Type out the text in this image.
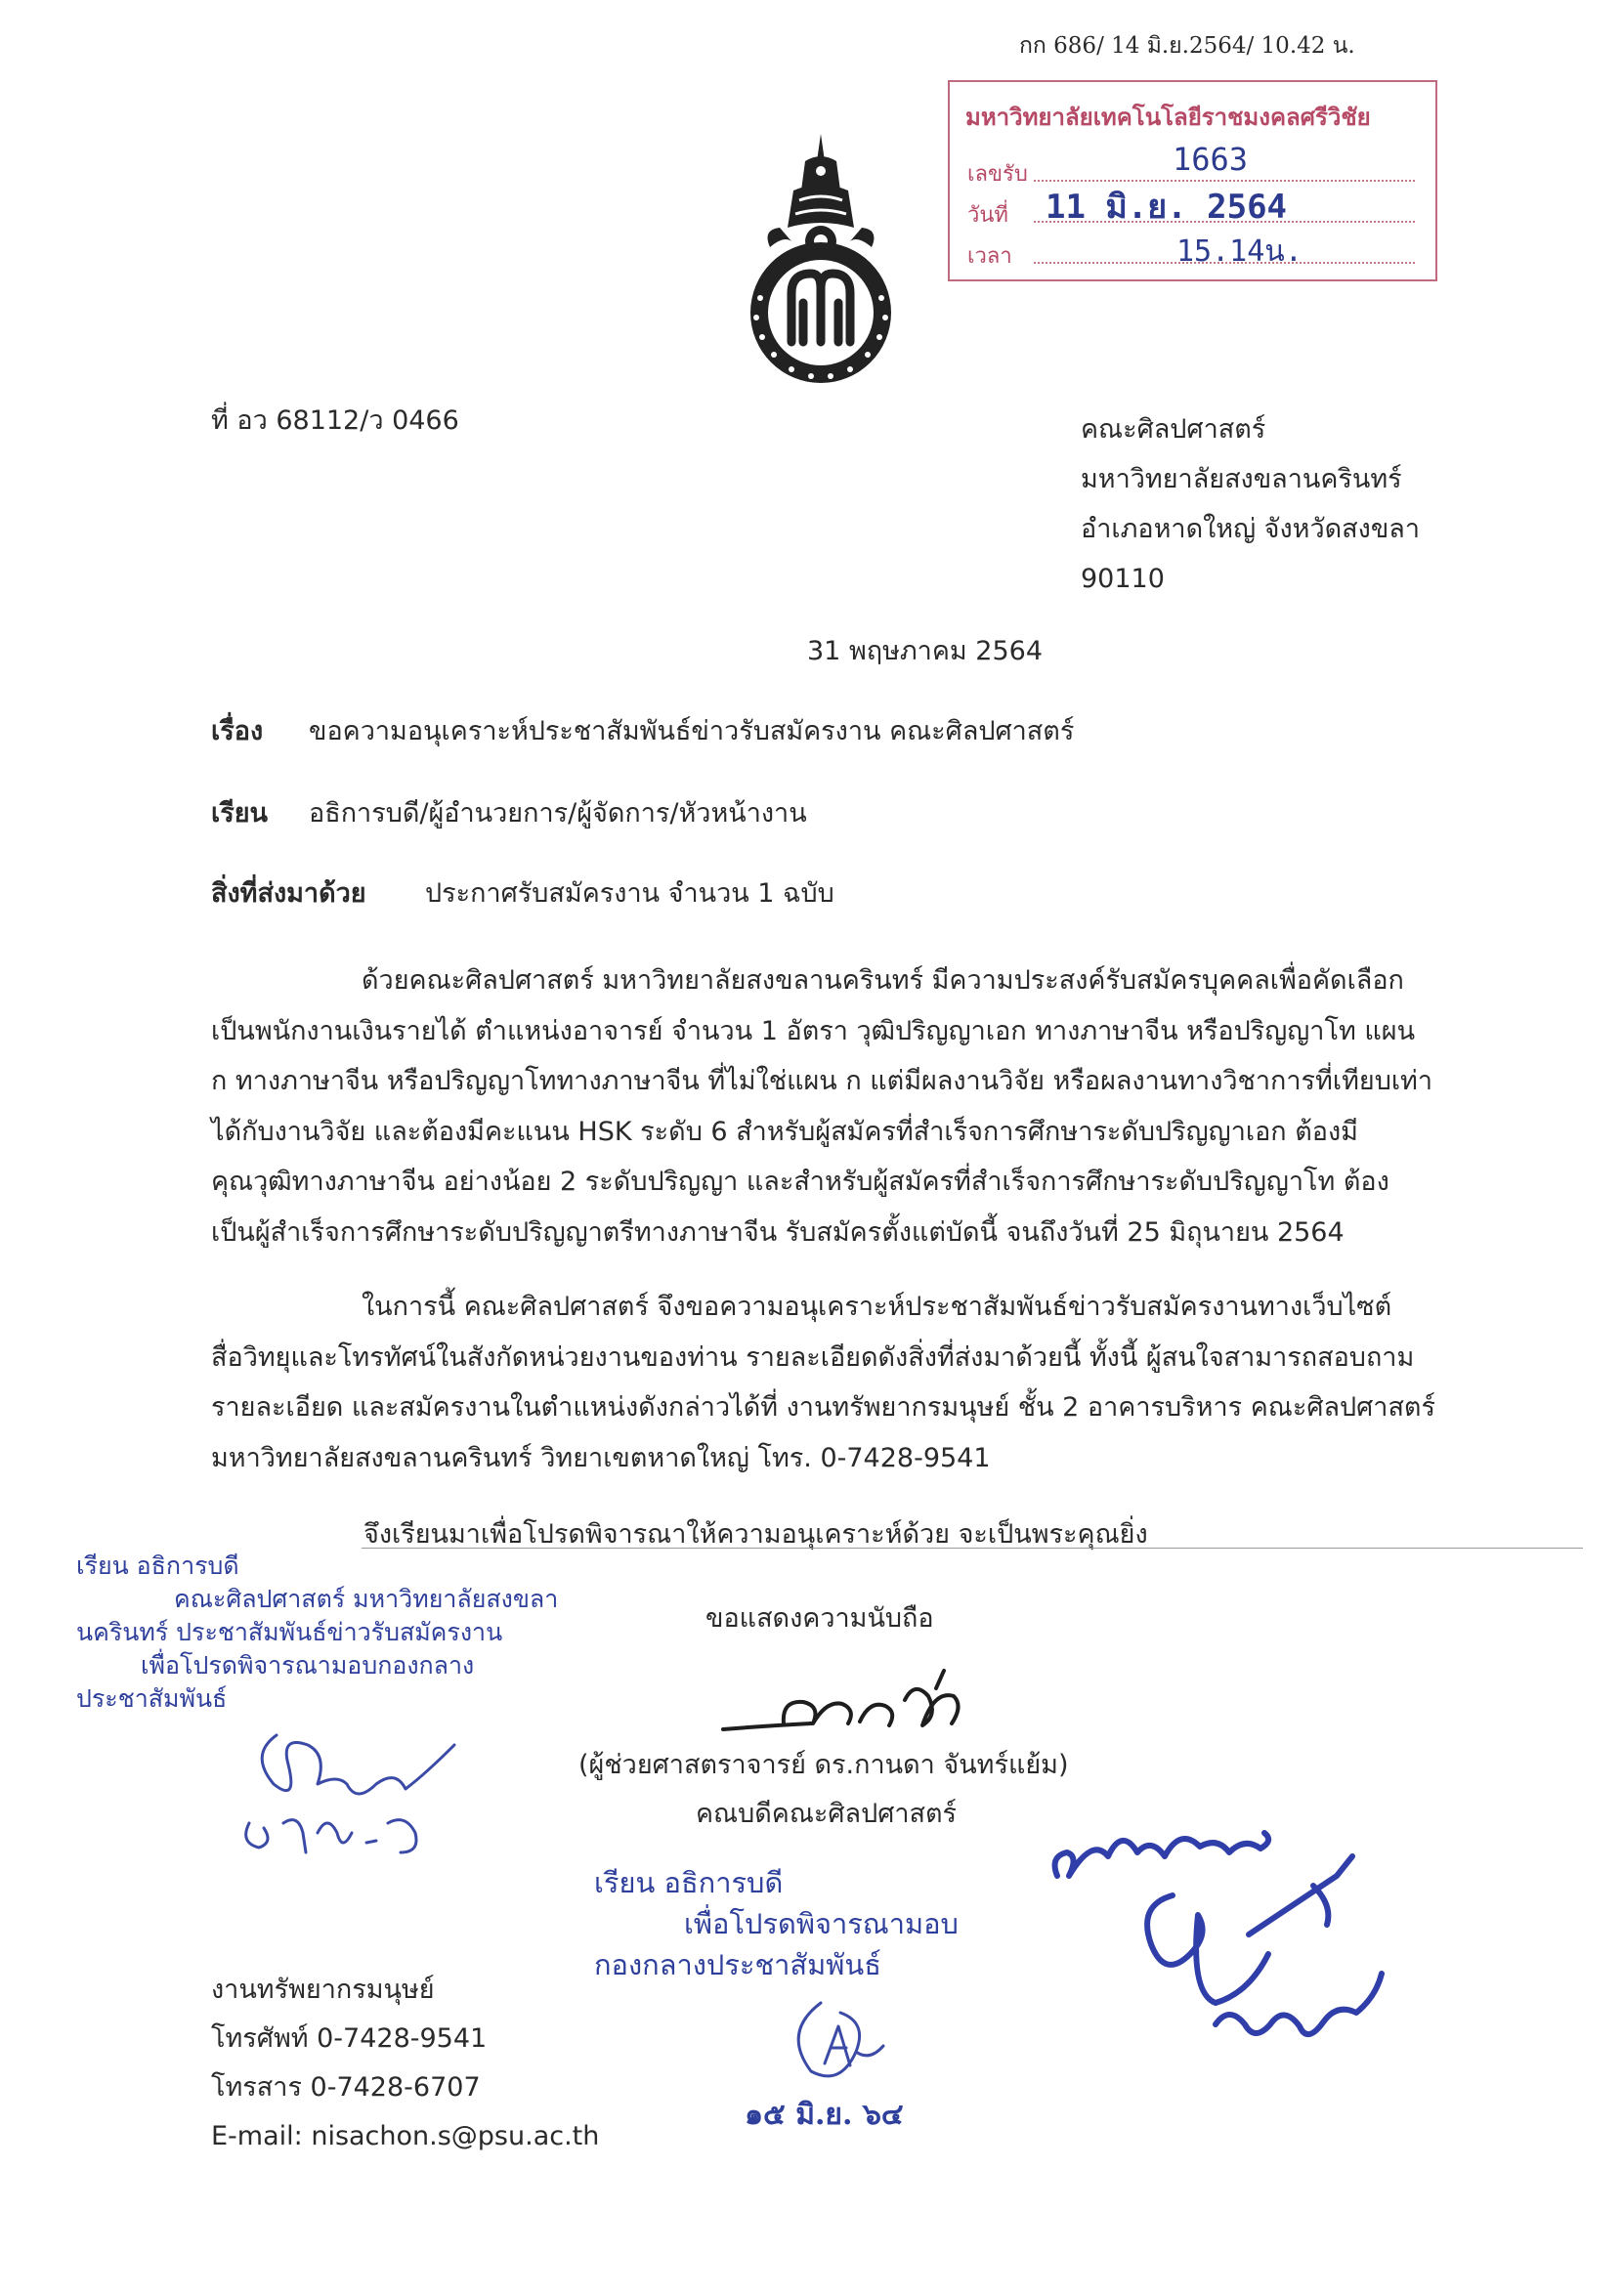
กก 686/ 14 มิ.ย.2564/ 10.42 น.
มหาวิทยาลัยเทคโนโลยีราชมงคลศรีวิชัย
เลขรับ	1663
วันที่ 11 มิ.ย. 2564
เวลา	15.14น.
ที่ อว 68112/ว 0466	คณะศิลปศาสตร์
มหาวิทยาลัยสงขลานครินทร์
อำเภอหาดใหญ่ จังหวัดสงขลา
90110
31 พฤษภาคม 2564
เรื่อง ขอความอนุเคราะห์ประชาสัมพันธ์ข่าวรับสมัครงาน คณะศิลปศาสตร์
เรียน อธิการบดี/ผู้อำนวยการ/ผู้จัดการ/หัวหน้างาน
สิ่งที่ส่งมาด้วย ประกาศรับสมัครงาน จำนวน 1 ฉบับ
ด้วยคณะศิลปศาสตร์ มหาวิทยาลัยสงขลานครินทร์ มีความประสงค์รับสมัครบุคคลเพื่อคัดเลือก
เป็นพนักงานเงินรายได้ ตำแหน่งอาจารย์ จำนวน 1 อัตรา วุฒิปริญญาเอก ทางภาษาจีน หรือปริญญาโท แผน
ก ทางภาษาจีน หรือปริญญาโททางภาษาจีน ที่ไม่ใช่แผน ก แต่มีผลงานวิจัย หรือผลงานทางวิชาการที่เทียบเท่า
ได้กับงานวิจัย และต้องมีคะแนน HSK ระดับ 6 สำหรับผู้สมัครที่สำเร็จการศึกษาระดับปริญญาเอก ต้องมี
คุณวุฒิทางภาษาจีน อย่างน้อย 2 ระดับปริญญา และสำหรับผู้สมัครที่สำเร็จการศึกษาระดับปริญญาโท ต้อง
เป็นผู้สำเร็จการศึกษาระดับปริญญาตรีทางภาษาจีน รับสมัครตั้งแต่บัดนี้ จนถึงวันที่ 25 มิถุนายน 2564
ในการนี้ คณะศิลปศาสตร์ จึงขอความอนุเคราะห์ประชาสัมพันธ์ข่าวรับสมัครงานทางเว็บไซต์
สื่อวิทยุและโทรทัศน์ในสังกัดหน่วยงานของท่าน รายละเอียดดังสิ่งที่ส่งมาด้วยนี้ ทั้งนี้ ผู้สนใจสามารถสอบถาม
รายละเอียด และสมัครงานในตำแหน่งดังกล่าวได้ที่ งานทรัพยากรมนุษย์ ชั้น 2 อาคารบริหาร คณะศิลปศาสตร์
มหาวิทยาลัยสงขลานครินทร์ วิทยาเขตหาดใหญ่ โทร. 0-7428-9541
จึงเรียนมาเพื่อโปรดพิจารณาให้ความอนุเคราะห์ด้วย จะเป็นพระคุณยิ่ง
เรียน อธิการบดี
คณะศิลปศาสตร์ มหาวิทยาลัยสงขลา
นครินทร์ ประชาสัมพันธ์ข่าวรับสมัครงาน
เพื่อโปรดพิจารณามอบกองกลาง
ประชาสัมพันธ์
ขอแสดงความนับถือ
(ผู้ช่วยศาสตราจารย์ ดร.กานดา จันทร์แย้ม)
คณบดีคณะศิลปศาสตร์
เรียน อธิการบดี
เพื่อโปรดพิจารณามอบ
กองกลางประชาสัมพันธ์
๑๕ มิ.ย. ๖๔
งานทรัพยากรมนุษย์
โทรศัพท์ 0-7428-9541
โทรสาร 0-7428-6707
E-mail: nisachon.s@psu.ac.th
